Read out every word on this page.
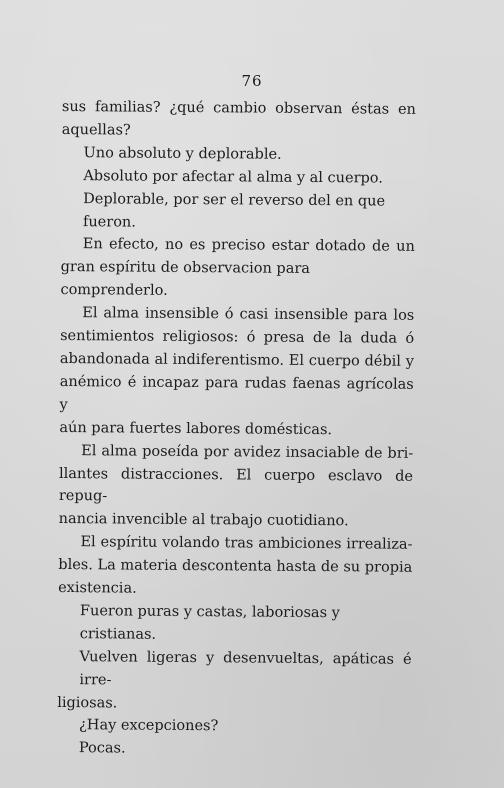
76
sus familias? ¿qué cambio observan éstas en
aquellas?
Uno absoluto y deplorable.
Absoluto por afectar al alma y al cuerpo.
Deplorable, por ser el reverso del en que fueron.
En efecto, no es preciso estar dotado de un
gran espíritu de observacion para comprenderlo.
El alma insensible ó casi insensible para los
sentimientos religiosos: ó presa de la duda ó
abandonada al indiferentismo. El cuerpo débil y
anémico é incapaz para rudas faenas agrícolas y
aún para fuertes labores domésticas.
El alma poseída por avidez insaciable de bri-
llantes distracciones. El cuerpo esclavo de repug-
nancia invencible al trabajo cuotidiano.
El espíritu volando tras ambiciones irrealiza-
bles. La materia descontenta hasta de su propia
existencia.
Fueron puras y castas, laboriosas y cristianas.
Vuelven ligeras y desenvueltas, apáticas é irre-
ligiosas.
¿Hay excepciones?
Pocas.
